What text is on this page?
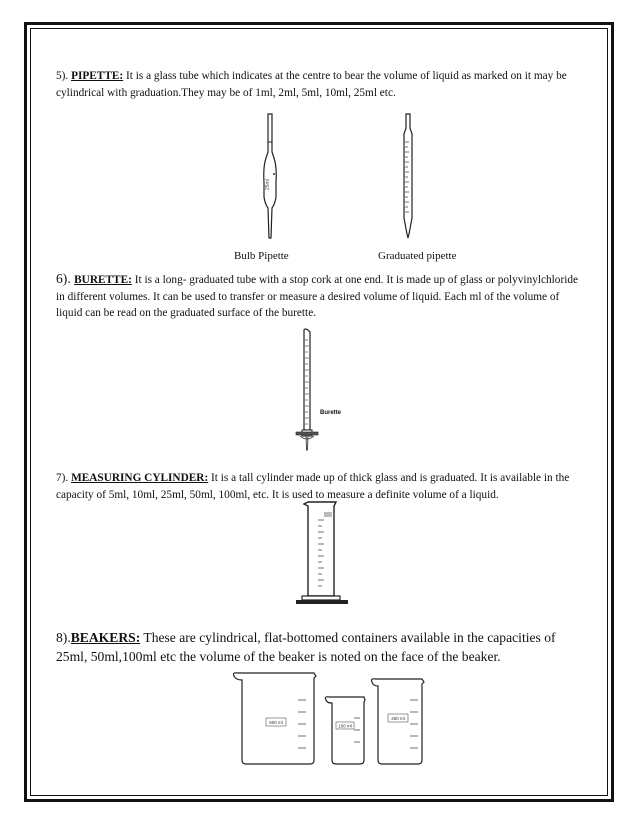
5). PIPETTE: It is a glass tube which indicates at the centre to bear the volume of liquid as marked on it may be cylindrical with graduation.They may be of 1ml, 2ml, 5ml, 10ml, 25ml etc.
25ml
Bulb Pipette	Graduated pipette
6). BURETTE: It is a long- graduated tube with a stop cork at one end. It is made up of glass or polyvinylchloride in different volumes. It can be used to transfer or measure a desired volume of liquid. Each ml of the volume of liquid can be read on the graduated surface of the burette.
Burette
7). MEASURING CYLINDER: It is a tall cylinder made up of thick glass and is graduated. It is available in the capacity of 5ml, 10ml, 25ml, 50ml, 100ml, etc. It is used to measure a definite volume of a liquid.
8).BEAKERS: These are cylindrical, flat-bottomed containers available in the capacities of 25ml, 50ml,100ml etc the volume of the beaker is noted on the face of the beaker.
600 ml
150 ml
250 ml
